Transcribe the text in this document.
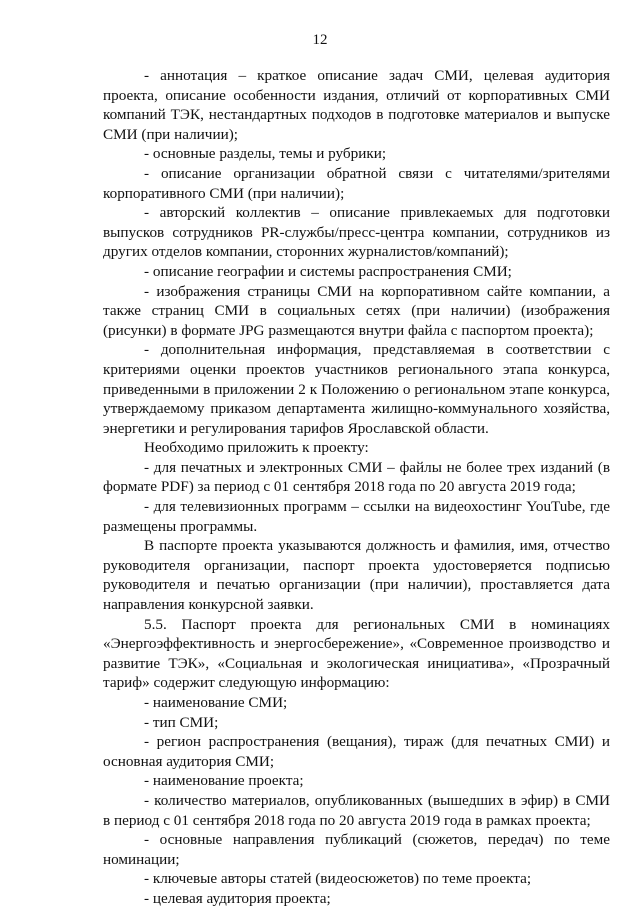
12

- аннотация – краткое описание задач СМИ, целевая аудитория проекта, описание особенности издания, отличий от корпоративных СМИ компаний ТЭК, нестандартных подходов в подготовке материалов и выпуске СМИ (при наличии);

- основные разделы, темы и рубрики;

- описание организации обратной связи с читателями/зрителями корпоративного СМИ (при наличии);

- авторский коллектив – описание привлекаемых для подготовки выпусков сотрудников PR-службы/пресс-центра компании, сотрудников из других отделов компании, сторонних журналистов/компаний);

- описание географии и системы распространения СМИ;

- изображения страницы СМИ на корпоративном сайте компании, а также страниц СМИ в социальных сетях (при наличии) (изображения (рисунки) в формате JPG размещаются внутри файла с паспортом проекта);

- дополнительная информация, представляемая в соответствии с критериями оценки проектов участников регионального этапа конкурса, приведенными в приложении 2 к Положению о региональном этапе конкурса, утверждаемому приказом департамента жилищно-коммунального хозяйства, энергетики и регулирования тарифов Ярославской области.

Необходимо приложить к проекту:

- для печатных и электронных СМИ – файлы не более трех изданий (в формате PDF) за период с 01 сентября 2018 года по 20 августа 2019 года;

- для телевизионных программ – ссылки на видеохостинг YouTube, где размещены программы.

В паспорте проекта указываются должность и фамилия, имя, отчество руководителя организации, паспорт проекта удостоверяется подписью руководителя и печатью организации (при наличии), проставляется дата направления конкурсной заявки.

5.5. Паспорт проекта для региональных СМИ в номинациях «Энергоэффективность и энергосбережение», «Современное производство и развитие ТЭК», «Социальная и экологическая инициатива», «Прозрачный тариф» содержит следующую информацию:

- наименование СМИ;

- тип СМИ;

- регион распространения (вещания), тираж (для печатных СМИ) и основная аудитория СМИ;

- наименование проекта;

- количество материалов, опубликованных (вышедших в эфир) в СМИ в период с 01 сентября 2018 года по 20 августа 2019 года в рамках проекта;

- основные направления публикаций (сюжетов, передач) по теме номинации;

- ключевые авторы статей (видеосюжетов) по теме проекта;

- целевая аудитория проекта;
